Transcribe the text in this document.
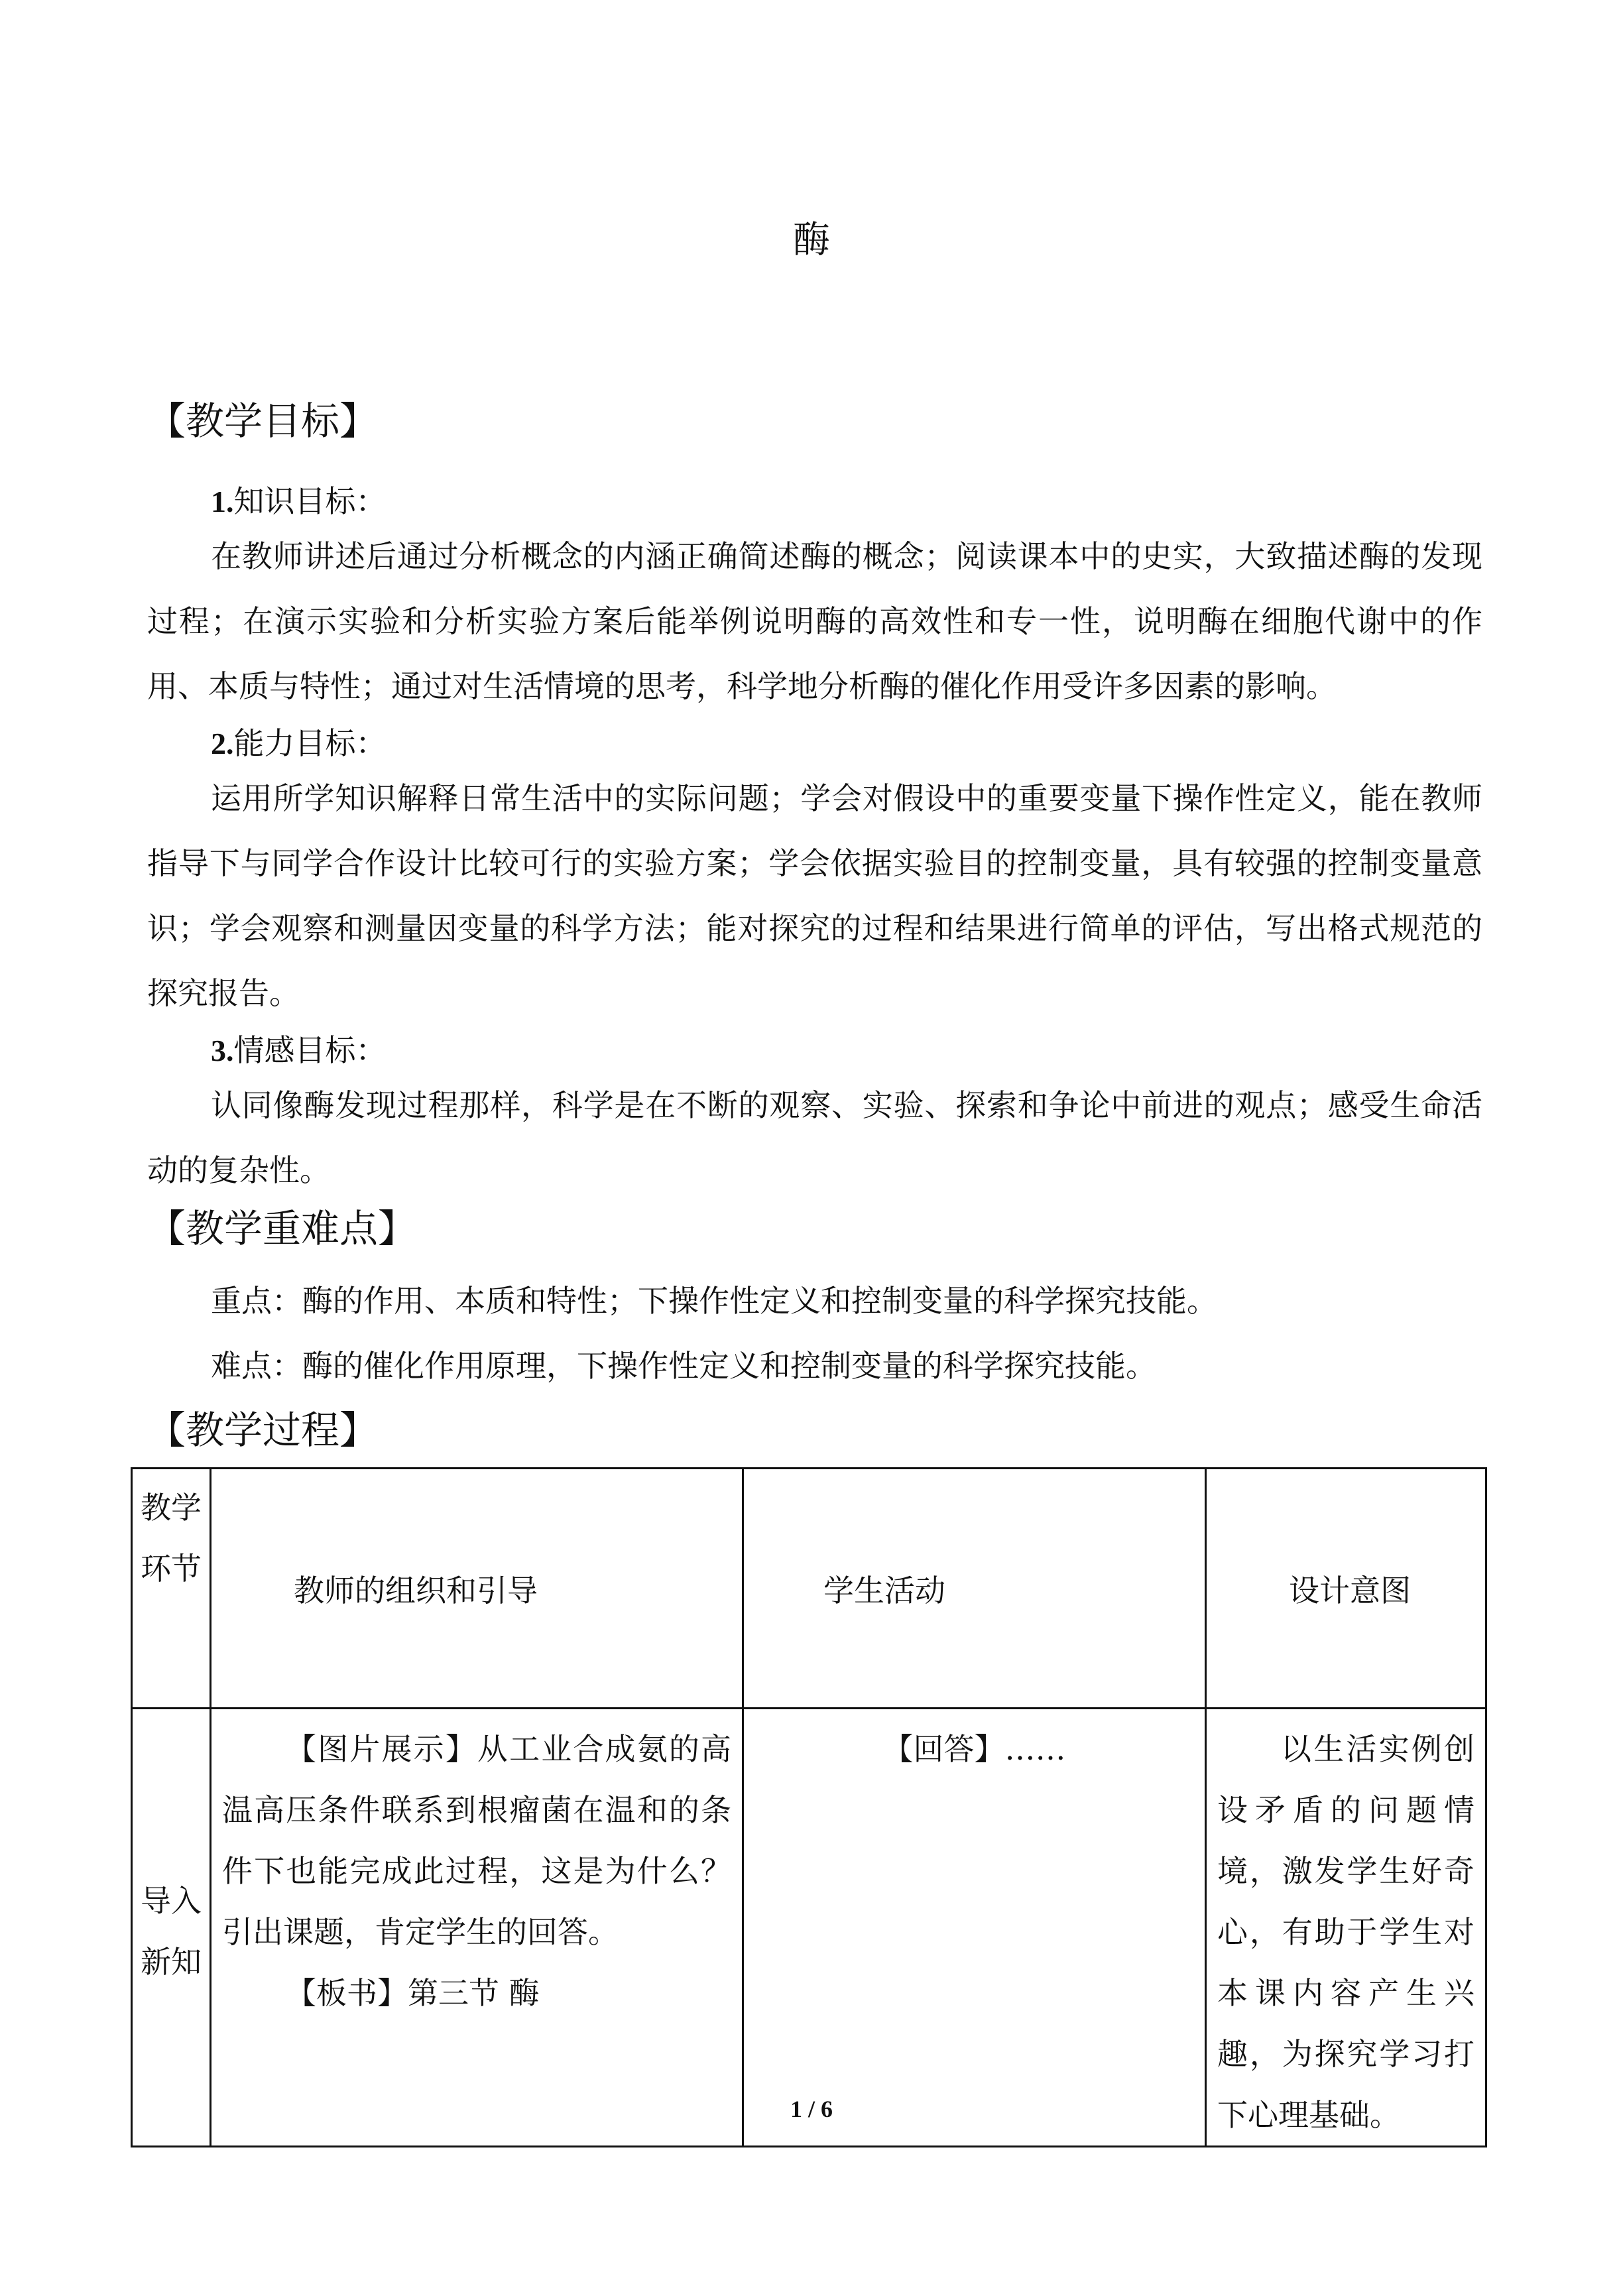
酶
【教学目标】
1.知识目标：

在教师讲述后通过分析概念的内涵正确简述酶的概念；阅读课本中的史实，大致描述酶的发现过程；在演示实验和分析实验方案后能举例说明酶的高效性和专一性，说明酶在细胞代谢中的作用、本质与特性；通过对生活情境的思考，科学地分析酶的催化作用受许多因素的影响。

2.能力目标：

运用所学知识解释日常生活中的实际问题；学会对假设中的重要变量下操作性定义，能在教师指导下与同学合作设计比较可行的实验方案；学会依据实验目的控制变量，具有较强的控制变量意识；学会观察和测量因变量的科学方法；能对探究的过程和结果进行简单的评估，写出格式规范的探究报告。

3.情感目标：

认同像酶发现过程那样，科学是在不断的观察、实验、探索和争论中前进的观点；感受生命活动的复杂性。

【教学重难点】

重点：酶的作用、本质和特性；下操作性定义和控制变量的科学探究技能。

难点：酶的催化作用原理，下操作性定义和控制变量的科学探究技能。

【教学过程】
教学环节	教师的组织和引导	学生活动	设计意图
导入新知	【图片展示】从工业合成氨的高温高压条件联系到根瘤菌在温和的条件下也能完成此过程，这是为什么？引出课题，肯定学生的回答。

【板书】第三节 酶	【回答】……	以生活实例创设矛盾的问题情境，激发学生好奇心，有助于学生对本课内容产生兴趣，为探究学习打下心理基础。

1 / 6
